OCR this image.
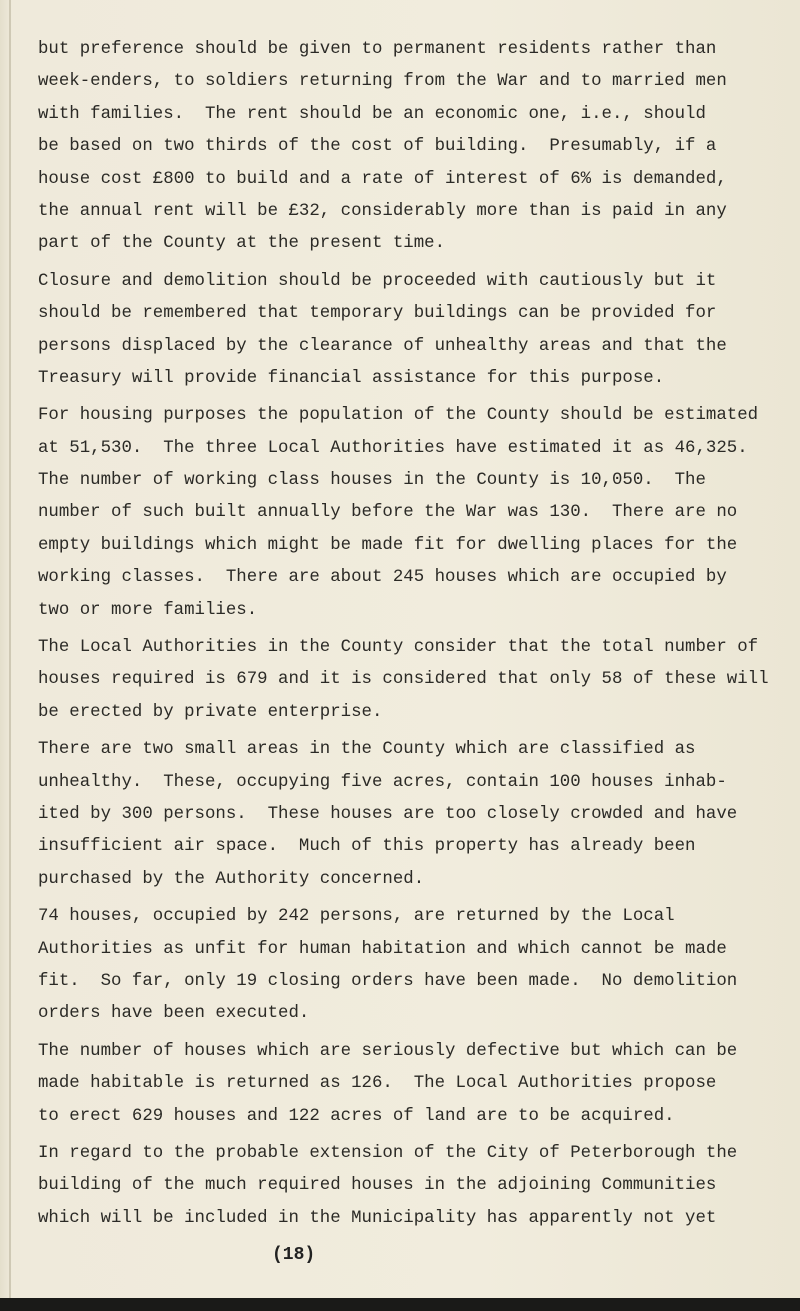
but preference should be given to permanent residents rather than
week-enders, to soldiers returning from the War and to married men
with families.  The rent should be an economic one, i.e., should
be based on two thirds of the cost of building.  Presumably, if a
house cost £800 to build and a rate of interest of 6% is demanded,
the annual rent will be £32, considerably more than is paid in any
part of the County at the present time.
Closure and demolition should be proceeded with cautiously but it
should be remembered that temporary buildings can be provided for
persons displaced by the clearance of unhealthy areas and that the
Treasury will provide financial assistance for this purpose.
For housing purposes the population of the County should be estimated
at 51,530.  The three Local Authorities have estimated it as 46,325.
The number of working class houses in the County is 10,050.  The
number of such built annually before the War was 130.  There are no
empty buildings which might be made fit for dwelling places for the
working classes.  There are about 245 houses which are occupied by
two or more families.
The Local Authorities in the County consider that the total number of
houses required is 679 and it is considered that only 58 of these will
be erected by private enterprise.
There are two small areas in the County which are classified as
unhealthy.  These, occupying five acres, contain 100 houses inhab-
ited by 300 persons.  These houses are too closely crowded and have
insufficient air space.  Much of this property has already been
purchased by the Authority concerned.
74 houses, occupied by 242 persons, are returned by the Local
Authorities as unfit for human habitation and which cannot be made
fit.  So far, only 19 closing orders have been made.  No demolition
orders have been executed.
The number of houses which are seriously defective but which can be
made habitable is returned as 126.  The Local Authorities propose
to erect 629 houses and 122 acres of land are to be acquired.
In regard to the probable extension of the City of Peterborough the
building of the much required houses in the adjoining Communities
which will be included in the Municipality has apparently not yet
(18)
